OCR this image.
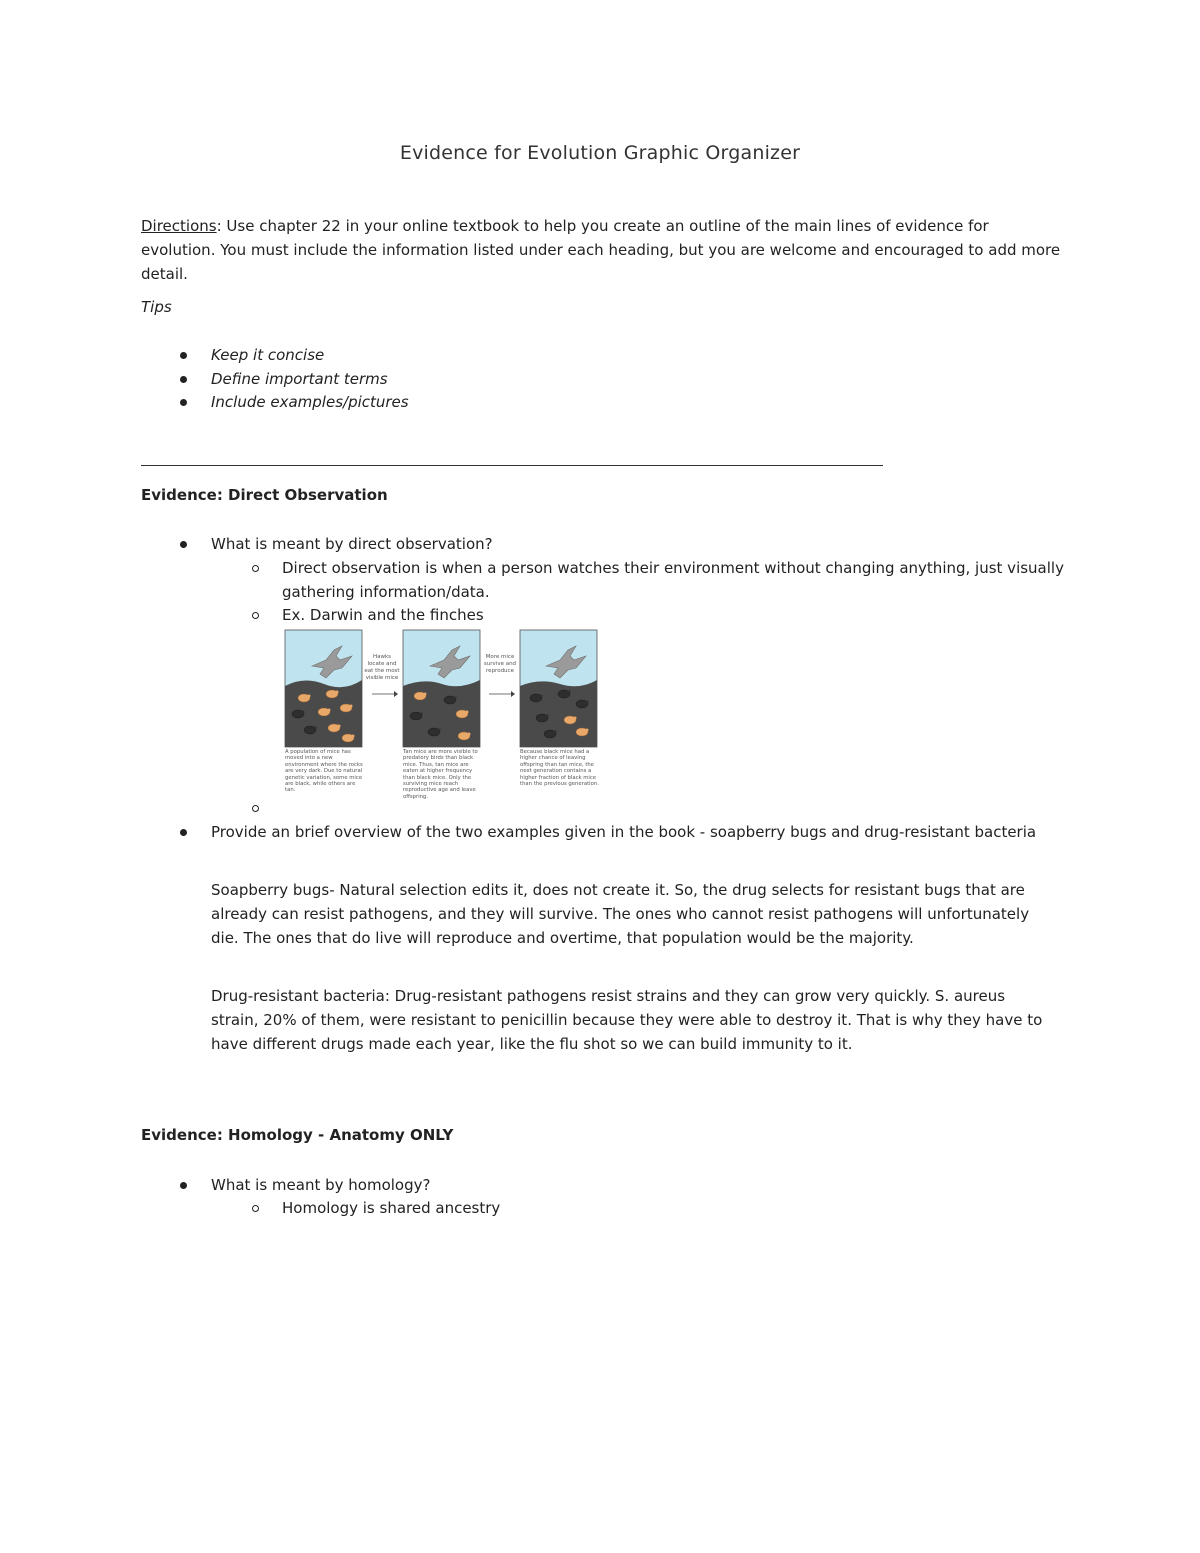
Evidence for Evolution Graphic Organizer
Directions: Use chapter 22 in your online textbook to help you create an outline of the main lines of evidence for evolution. You must include the information listed under each heading, but you are welcome and encouraged to add more detail.
Tips
Keep it concise
Define important terms
Include examples/pictures
Evidence: Direct Observation
What is meant by direct observation?
Direct observation is when a person watches their environment without changing anything, just visually gathering information/data.
Ex. Darwin and the finches
Hawks locate and eat the most visible mice
More mice survive and reproduce
A population of mice has moved into a new environment where the rocks are very dark. Due to natural genetic variation, some mice are black, while others are tan.
Tan mice are more visible to predatory birds than black mice. Thus, tan mice are eaten at higher frequency than black mice. Only the surviving mice reach reproductive age and leave offspring.
Because black mice had a higher chance of leaving offspring than tan mice, the next generation contains a higher fraction of black mice than the previous generation.
Provide an brief overview of the two examples given in the book - soapberry bugs and drug-resistant bacteria
Soapberry bugs- Natural selection edits it, does not create it. So, the drug selects for resistant bugs that are already can resist pathogens, and they will survive. The ones who cannot resist pathogens will unfortunately die. The ones that do live will reproduce and overtime, that population would be the majority.
Drug-resistant bacteria: Drug-resistant pathogens resist strains and they can grow very quickly. S. aureus strain, 20% of them, were resistant to penicillin because they were able to destroy it. That is why they have to have different drugs made each year, like the flu shot so we can build immunity to it.
Evidence: Homology - Anatomy ONLY
What is meant by homology?
Homology is shared ancestry
